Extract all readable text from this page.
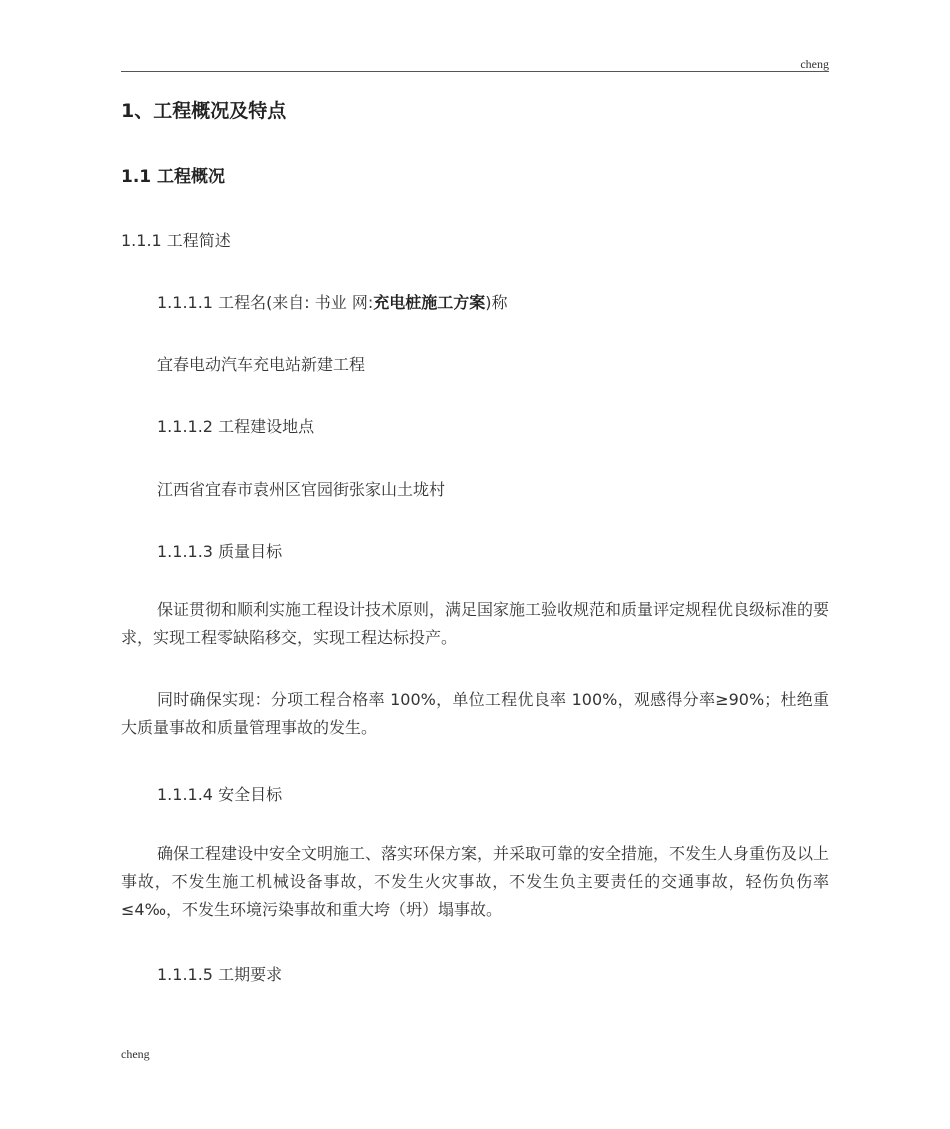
cheng
1、工程概况及特点
1.1 工程概况
1.1.1 工程简述
1.1.1.1 工程名(来自: 书业 网:充电桩施工方案)称
宜春电动汽车充电站新建工程
1.1.1.2 工程建设地点
江西省宜春市袁州区官园街张家山土垅村
1.1.1.3 质量目标
保证贯彻和顺利实施工程设计技术原则，满足国家施工验收规范和质量评定规程优良级标准的要求，实现工程零缺陷移交，实现工程达标投产。
同时确保实现：分项工程合格率 100%，单位工程优良率 100%，观感得分率≥90%；杜绝重大质量事故和质量管理事故的发生。
1.1.1.4 安全目标
确保工程建设中安全文明施工、落实环保方案，并采取可靠的安全措施，不发生人身重伤及以上事故，不发生施工机械设备事故，不发生火灾事故，不发生负主要责任的交通事故，轻伤负伤率≤4‰，不发生环境污染事故和重大垮（坍）塌事故。
1.1.1.5 工期要求
cheng
